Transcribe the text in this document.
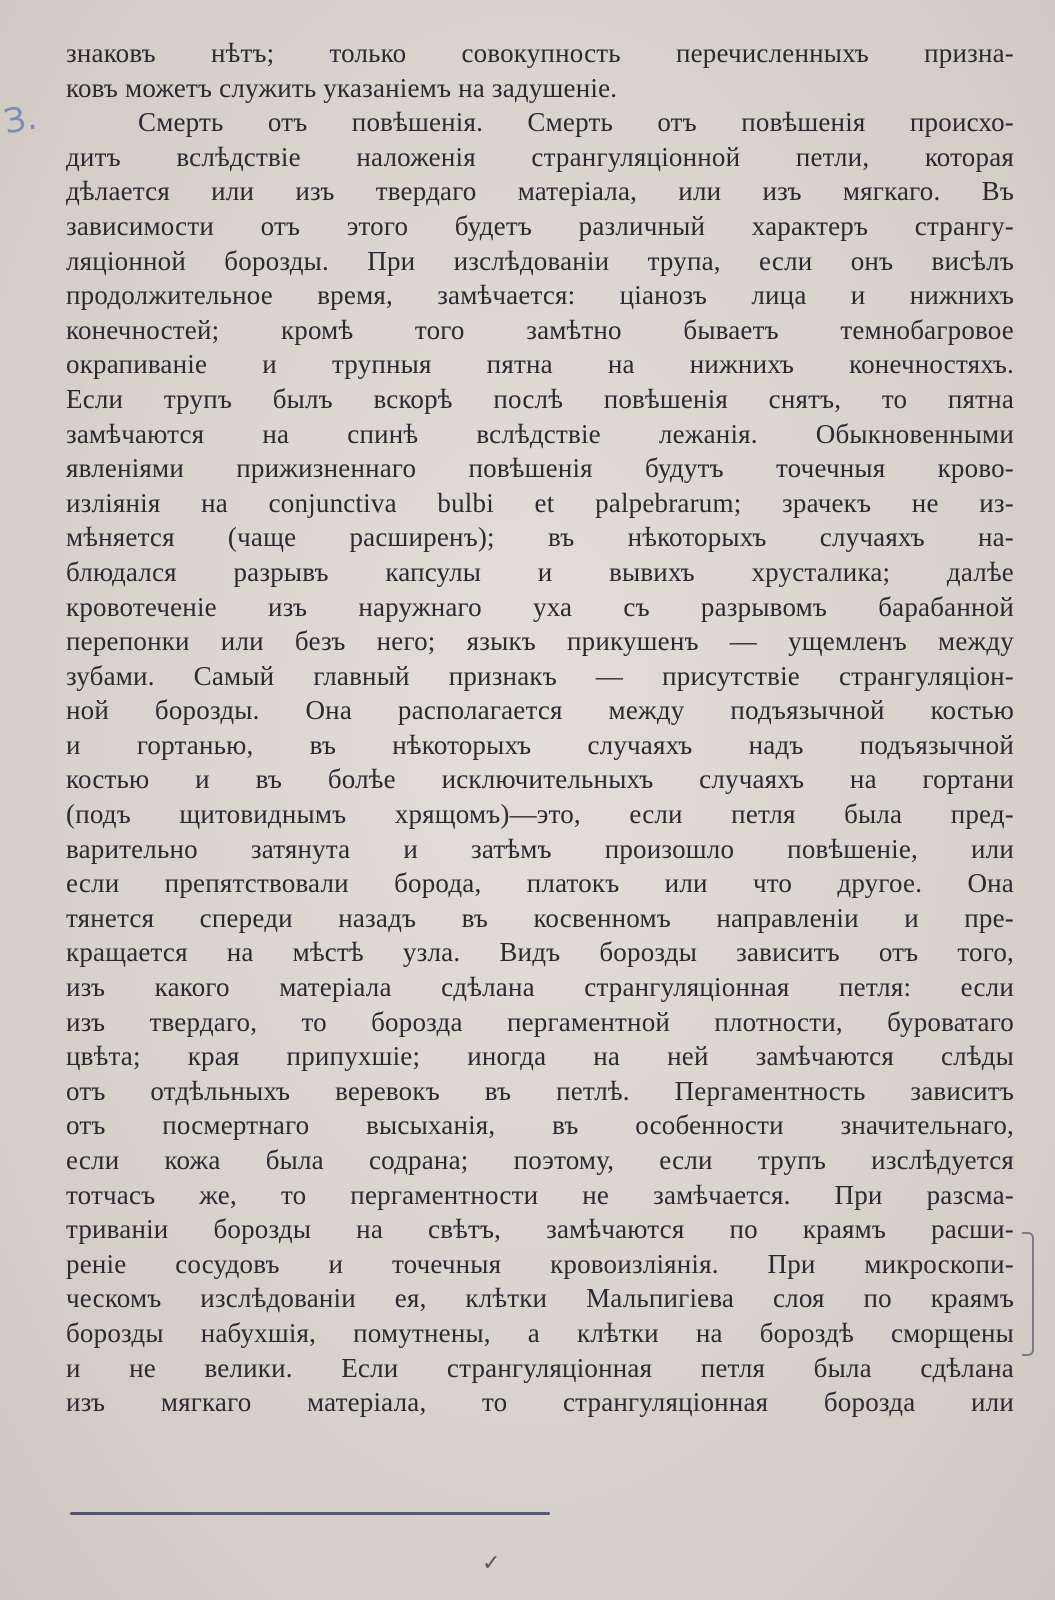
З.
знаковъ нѣтъ; только совокупность перечисленныхъ призна-
ковъ можетъ служить указаніемъ на задушеніе.
Смерть отъ повѣшенія. Смерть отъ повѣшенія происхо-
дитъ вслѣдствіе наложенія странгуляціонной петли, которая
дѣлается или изъ твердаго матеріала, или изъ мягкаго. Въ
зависимости отъ этого будетъ различный характеръ странгу-
ляціонной борозды. При изслѣдованіи трупа, если онъ висѣлъ
продолжительное время, замѣчается: ціанозъ лица и нижнихъ
конечностей; кромѣ того замѣтно бываетъ темнобагровое
окрапиваніе и трупныя пятна на нижнихъ конечностяхъ.
Если трупъ былъ вскорѣ послѣ повѣшенія снятъ, то пятна
замѣчаются на спинѣ вслѣдствіе лежанія. Обыкновенными
явленіями прижизненнаго повѣшенія будутъ точечныя крово-
изліянія на conjunctiva bulbi et palpebrarum; зрачекъ не из-
мѣняется (чаще расширенъ); въ нѣкоторыхъ случаяхъ на-
блюдался разрывъ капсулы и вывихъ хрусталика; далѣе
кровотеченіе изъ наружнаго уха съ разрывомъ барабанной
перепонки или безъ него; языкъ прикушенъ — ущемленъ между
зубами. Самый главный признакъ — присутствіе странгуляціон-
ной борозды. Она располагается между подъязычной костью
и гортанью, въ нѣкоторыхъ случаяхъ надъ подъязычной
костью и въ болѣе исключительныхъ случаяхъ на гортани
(подъ щитовиднымъ хрящомъ)—это, если петля была пред-
варительно затянута и затѣмъ произошло повѣшеніе, или
если препятствовали борода, платокъ или что другое. Она
тянется спереди назадъ въ косвенномъ направленіи и пре-
кращается на мѣстѣ узла. Видъ борозды зависитъ отъ того,
изъ какого матеріала сдѣлана странгуляціонная петля: если
изъ твердаго, то борозда пергаментной плотности, буроватаго
цвѣта; края припухшіе; иногда на ней замѣчаются слѣды
отъ отдѣльныхъ веревокъ въ петлѣ. Пергаментность зависитъ
отъ посмертнаго высыханія, въ особенности значительнаго,
если кожа была содрана; поэтому, если трупъ изслѣдуется
тотчасъ же, то пергаментности не замѣчается. При разсма-
триваніи борозды на свѣтъ, замѣчаются по краямъ расши-
реніе сосудовъ и точечныя кровоизліянія. При микроскопи-
ческомъ изслѣдованіи ея, клѣтки Мальпигіева слоя по краямъ
борозды набухшія, помутнены, а клѣтки на бороздѣ сморщены
и не велики. Если странгуляціонная петля была сдѣлана
изъ мягкаго матеріала, то странгуляціонная борозда или
✓
